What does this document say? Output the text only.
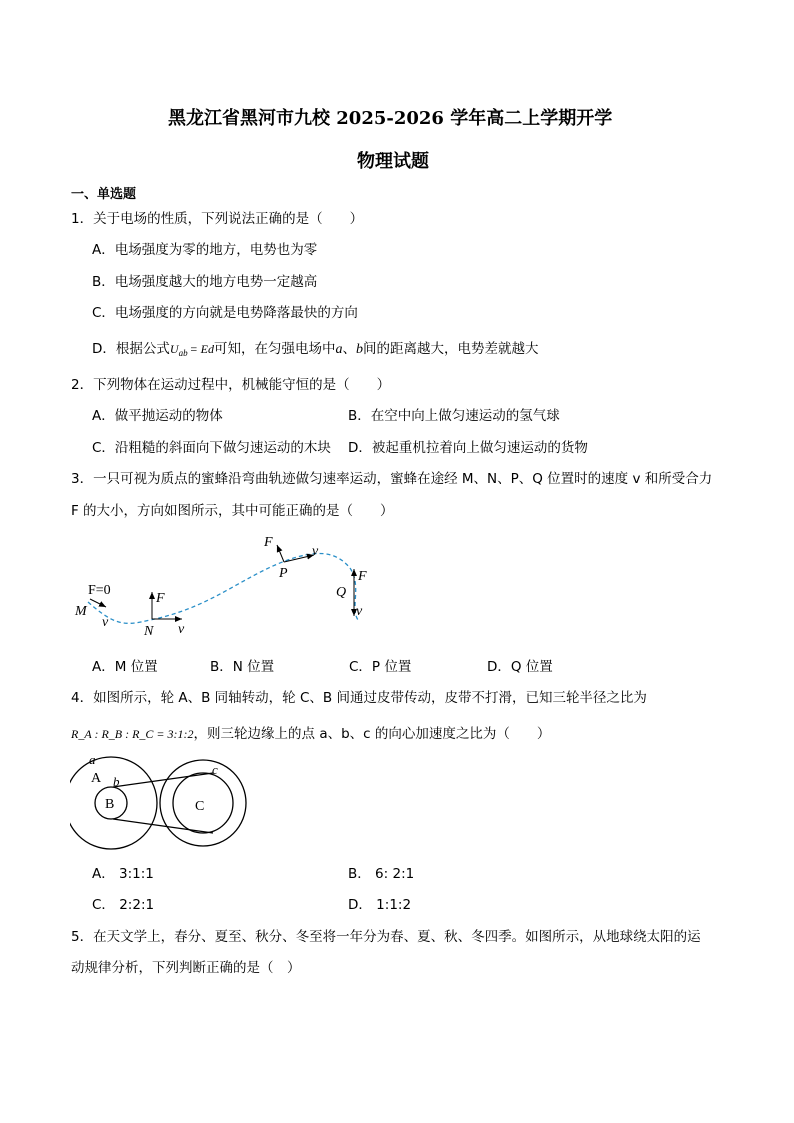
黑龙江省黑河市九校 2025-2026 学年高二上学期开学
物理试题
一、单选题
1．关于电场的性质，下列说法正确的是（　　）
A．电场强度为零的地方，电势也为零
B．电场强度越大的地方电势一定越高
C．电场强度的方向就是电势降落最快的方向
D．根据公式$U_{ab} = Ed$可知，在匀强电场中a、b间的距离越大，电势差就越大
2．下列物体在运动过程中，机械能守恒的是（　　）
A．做平抛运动的物体	B．在空中向上做匀速运动的氢气球
C．沿粗糙的斜面向下做匀速运动的木块 D．被起重机拉着向上做匀速运动的货物
3．一只可视为质点的蜜蜂沿弯曲轨迹做匀速率运动，蜜蜂在途经 M、N、P、Q 位置时的速度 v 和所受合力
F 的大小，方向如图所示，其中可能正确的是（　　）
F=0
M
v
F
N v
F
v
P	F
Q
v
A．M 位置	B．N 位置	C．P 位置	D．Q 位置
4．如图所示，轮 A、B 同轴转动，轮 C、B 间通过皮带传动，皮带不打滑，已知三轮半径之比为
R_A : R_B : R_C = 3:1:2，则三轮边缘上的点 a、b、c 的向心加速度之比为（　　）
a
A b
B
c
C
A． 3:1:1	B． 6: 2:1
C． 2:2:1	D． 1:1:2
5．在天文学上，春分、夏至、秋分、冬至将一年分为春、夏、秋、冬四季。如图所示，从地球绕太阳的运
动规律分析，下列判断正确的是（　）
